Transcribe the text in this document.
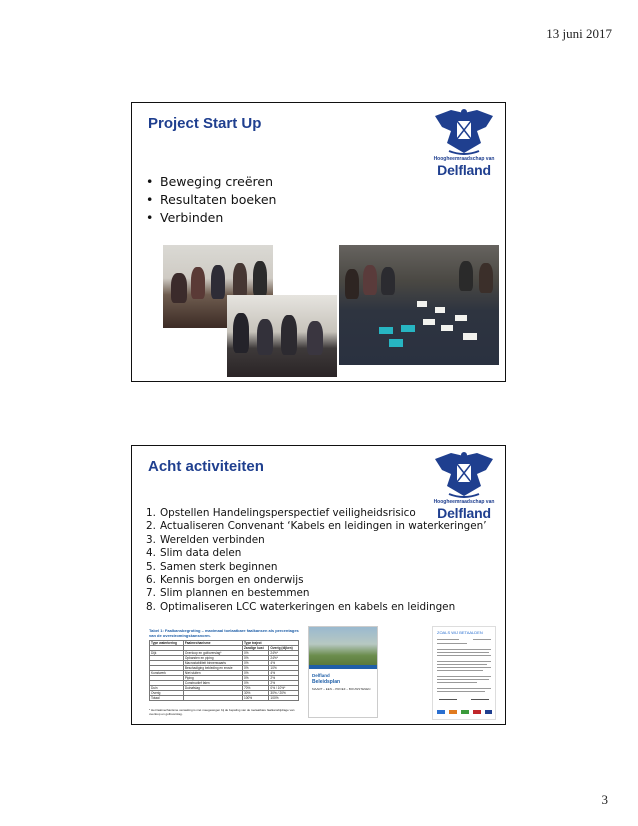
13 juni 2017
Project Start Up
Hoogheemraadschap van
Delfland
• Beweging creëren
• Resultaten boeken
• Verbinden
Acht activiteiten
Hoogheemraadschap van
Delfland
1. Opstellen Handelingsperspectief veiligheidsrisico
2. Actualiseren Convenant ‘Kabels en leidingen in waterkeringen’
3. Werelden verbinden
4. Slim data delen
5. Samen sterk beginnen
6. Kennis borgen en onderwijs
7. Slim plannen en bestemmen
8. Optimaliseren LCC waterkeringen en kabels en leidingen
Tabel 1: Faalkansbegroting – maximaal toelaatbare faalkansen als percentages van de overstromingskansnorm.
Type waterkering	Faalmechanisme	Type traject	
		Zandige kust	Overig (dijken)
Dijk	Overloop en golfoverslag*	0%	24%*
	Opbarsten en piping	0%	24%*
	Macrostabiliteit binnenwaarts	0%	4%
	Beschadiging bekleding en erosie	0%	10%
Kunstwerk	Niet sluiten	0%	4%
	Piping	0%	2%
	Constructief falen	0%	2%
Duin	Duinafslag	70%	0% / 10%*
Overig		30%	30% / 20%
Totaal		100%	100%
* Het faalmechanisme verweking is niet meegewogen bij de bepaling van de toelaatbare faalkansbijdrage van overloop en golfoverslag.
Delfland
Beleidsplan
MAART – EEN – PROEF – BOUWSTENEN
ZOALS WIJ BETAALDEN
3
